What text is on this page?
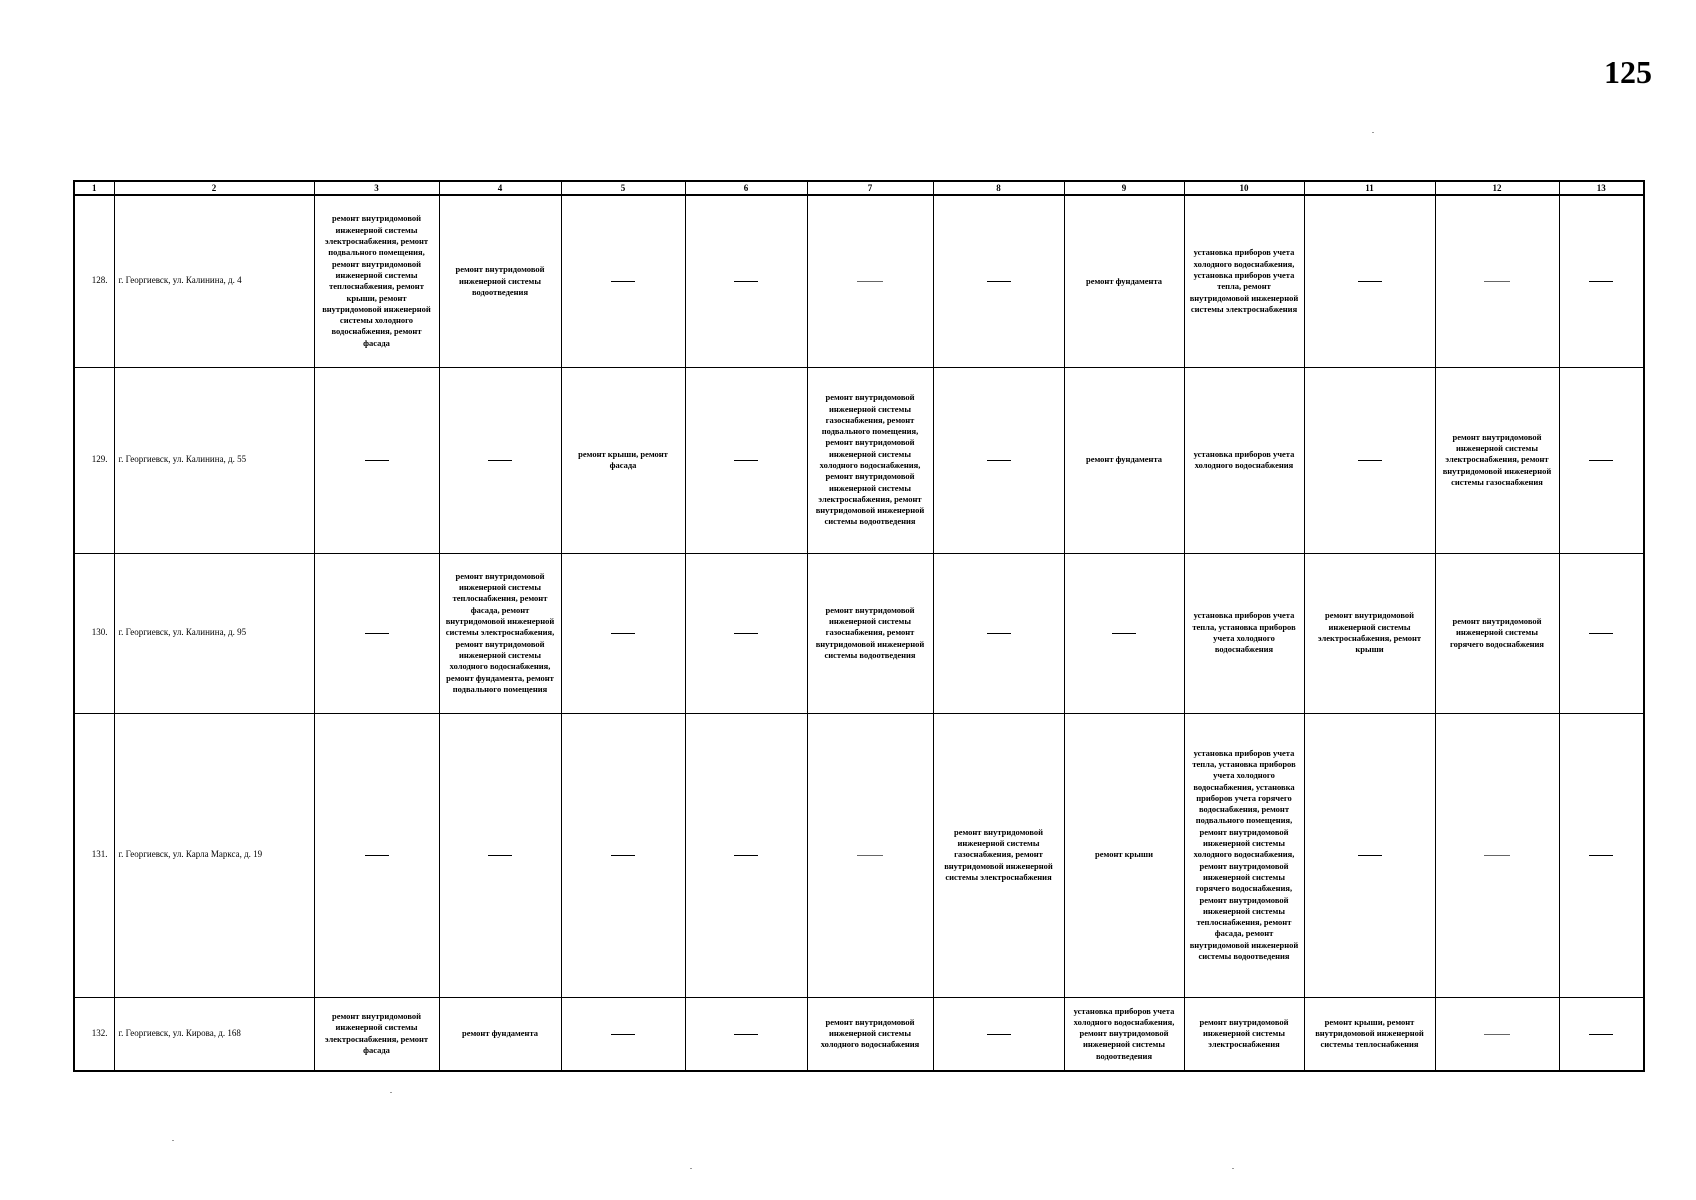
125
1	2	3	4	5	6	7	8	9	10	11	12	13
128.	г. Георгиевск, ул. Калинина, д. 4	ремонт внутридомовой инженерной системы электроснабжения, ремонт подвального помещения, ремонт внутридомовой инженерной системы теплоснабжения, ремонт крыши, ремонт внутридомовой инженерной системы холодного водоснабжения, ремонт фасада	ремонт внутридомовой инженерной системы водоотведения					ремонт фундамента	установка приборов учета холодного водоснабжения, установка приборов учета тепла, ремонт внутридомовой инженерной системы электроснабжения			
129.	г. Георгиевск, ул. Калинина, д. 55			ремонт крыши, ремонт фасада		ремонт внутридомовой инженерной системы газоснабжения, ремонт подвального помещения, ремонт внутридомовой инженерной системы холодного водоснабжения, ремонт внутридомовой инженерной системы электроснабжения, ремонт внутридомовой инженерной системы водоотведения		ремонт фундамента	установка приборов учета холодного водоснабжения		ремонт внутридомовой инженерной системы электроснабжения, ремонт внутридомовой инженерной системы газоснабжения	
130.	г. Георгиевск, ул. Калинина, д. 95		ремонт внутридомовой инженерной системы теплоснабжения, ремонт фасада, ремонт внутридомовой инженерной системы электроснабжения, ремонт внутридомовой инженерной системы холодного водоснабжения, ремонт фундамента, ремонт подвального помещения			ремонт внутридомовой инженерной системы газоснабжения, ремонт внутридомовой инженерной системы водоотведения			установка приборов учета тепла, установка приборов учета холодного водоснабжения	ремонт внутридомовой инженерной системы электроснабжения, ремонт крыши	ремонт внутридомовой инженерной системы горячего водоснабжения	
131.	г. Георгиевск, ул. Карла Маркса, д. 19						ремонт внутридомовой инженерной системы газоснабжения, ремонт внутридомовой инженерной системы электроснабжения	ремонт крыши	установка приборов учета тепла, установка приборов учета холодного водоснабжения, установка приборов учета горячего водоснабжения, ремонт подвального помещения, ремонт внутридомовой инженерной системы холодного водоснабжения, ремонт внутридомовой инженерной системы горячего водоснабжения, ремонт внутридомовой инженерной системы теплоснабжения, ремонт фасада, ремонт внутридомовой инженерной системы водоотведения			
132.	г. Георгиевск, ул. Кирова, д. 168	ремонт внутридомовой инженерной системы электроснабжения, ремонт фасада	ремонт фундамента			ремонт внутридомовой инженерной системы холодного водоснабжения		установка приборов учета холодного водоснабжения, ремонт внутридомовой инженерной системы водоотведения	ремонт внутридомовой инженерной системы электроснабжения	ремонт крыши, ремонт внутридомовой инженерной системы теплоснабжения		
